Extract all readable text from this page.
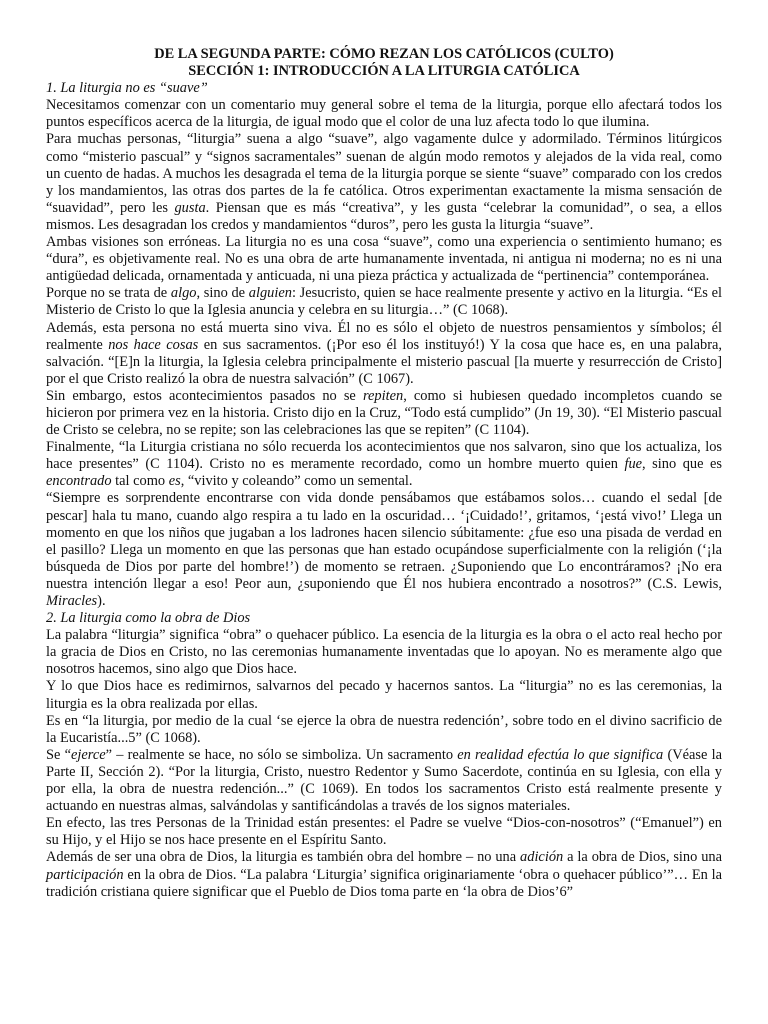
DE LA SEGUNDA PARTE: CÓMO REZAN LOS CATÓLICOS (CULTO)
SECCIÓN 1: INTRODUCCIÓN A LA LITURGIA CATÓLICA

1. La liturgia no es “suave”

Necesitamos comenzar con un comentario muy general sobre el tema de la liturgia, porque ello afectará todos los puntos específicos acerca de la liturgia, de igual modo que el color de una luz afecta todo lo que ilumina.

Para muchas personas, “liturgia” suena a algo “suave”, algo vagamente dulce y adormilado. Términos litúrgicos como “misterio pascual” y “signos sacramentales” suenan de algún modo remotos y alejados de la vida real, como un cuento de hadas. A muchos les desagrada el tema de la liturgia porque se siente “suave” comparado con los credos y los mandamientos, las otras dos partes de la fe católica. Otros experimentan exactamente la misma sensación de “suavidad”, pero les gusta. Piensan que es más “creativa”, y les gusta “celebrar la comunidad”, o sea, a ellos mismos. Les desagradan los credos y mandamientos “duros”, pero les gusta la liturgia “suave”.

Ambas visiones son erróneas. La liturgia no es una cosa “suave”, como una experiencia o sentimiento humano; es “dura”, es objetivamente real. No es una obra de arte humanamente inventada, ni antigua ni moderna; no es ni una antigüedad delicada, ornamentada y anticuada, ni una pieza práctica y actualizada de “pertinencia” contemporánea.

Porque no se trata de algo, sino de alguien: Jesucristo, quien se hace realmente presente y activo en la liturgia. “Es el Misterio de Cristo lo que la Iglesia anuncia y celebra en su liturgia…” (C 1068).

Además, esta persona no está muerta sino viva. Él no es sólo el objeto de nuestros pensamientos y símbolos; él realmente nos hace cosas en sus sacramentos. (¡Por eso él los instituyó!) Y la cosa que hace es, en una palabra, salvación. “[E]n la liturgia, la Iglesia celebra principalmente el misterio pascual [la muerte y resurrección de Cristo] por el que Cristo realizó la obra de nuestra salvación” (C 1067).

Sin embargo, estos acontecimientos pasados no se repiten, como si hubiesen quedado incompletos cuando se hicieron por primera vez en la historia. Cristo dijo en la Cruz, “Todo está cumplido” (Jn 19, 30). “El Misterio pascual de Cristo se celebra, no se repite; son las celebraciones las que se repiten” (C 1104).

Finalmente, “la Liturgia cristiana no sólo recuerda los acontecimientos que nos salvaron, sino que los actualiza, los hace presentes” (C 1104). Cristo no es meramente recordado, como un hombre muerto quien fue, sino que es encontrado tal como es, “vivito y coleando” como un semental.

“Siempre es sorprendente encontrarse con vida donde pensábamos que estábamos solos… cuando el sedal [de pescar] hala tu mano, cuando algo respira a tu lado en la oscuridad… ‘¡Cuidado!’, gritamos, ‘¡está vivo!’ Llega un momento en que los niños que jugaban a los ladrones hacen silencio súbitamente: ¿fue eso una pisada de verdad en el pasillo? Llega un momento en que las personas que han estado ocupándose superficialmente con la religión (‘¡la búsqueda de Dios por parte del hombre!’) de momento se retraen. ¿Suponiendo que Lo encontráramos? ¡No era nuestra intención llegar a eso! Peor aun, ¿suponiendo que Él nos hubiera encontrado a nosotros?” (C.S. Lewis, Miracles).

2. La liturgia como la obra de Dios

La palabra “liturgia” significa “obra” o quehacer público. La esencia de la liturgia es la obra o el acto real hecho por la gracia de Dios en Cristo, no las ceremonias humanamente inventadas que lo apoyan. No es meramente algo que nosotros hacemos, sino algo que Dios hace.

Y lo que Dios hace es redimirnos, salvarnos del pecado y hacernos santos. La “liturgia” no es las ceremonias, la liturgia es la obra realizada por ellas.

Es en “la liturgia, por medio de la cual ‘se ejerce la obra de nuestra redención’, sobre todo en el divino sacrificio de la Eucaristía...5” (C 1068).

Se “ejerce” – realmente se hace, no sólo se simboliza. Un sacramento en realidad efectúa lo que significa (Véase la Parte II, Sección 2). “Por la liturgia, Cristo, nuestro Redentor y Sumo Sacerdote, continúa en su Iglesia, con ella y por ella, la obra de nuestra redención...” (C 1069). En todos los sacramentos Cristo está realmente presente y actuando en nuestras almas, salvándolas y santificándolas a través de los signos materiales.

En efecto, las tres Personas de la Trinidad están presentes: el Padre se vuelve “Dios-con-nosotros” (“Emanuel”) en su Hijo, y el Hijo se nos hace presente en el Espíritu Santo.

Además de ser una obra de Dios, la liturgia es también obra del hombre – no una adición a la obra de Dios, sino una participación en la obra de Dios. “La palabra ‘Liturgia’ significa originariamente ‘obra o quehacer público’”… En la tradición cristiana quiere significar que el Pueblo de Dios toma parte en ‘la obra de Dios’6”
